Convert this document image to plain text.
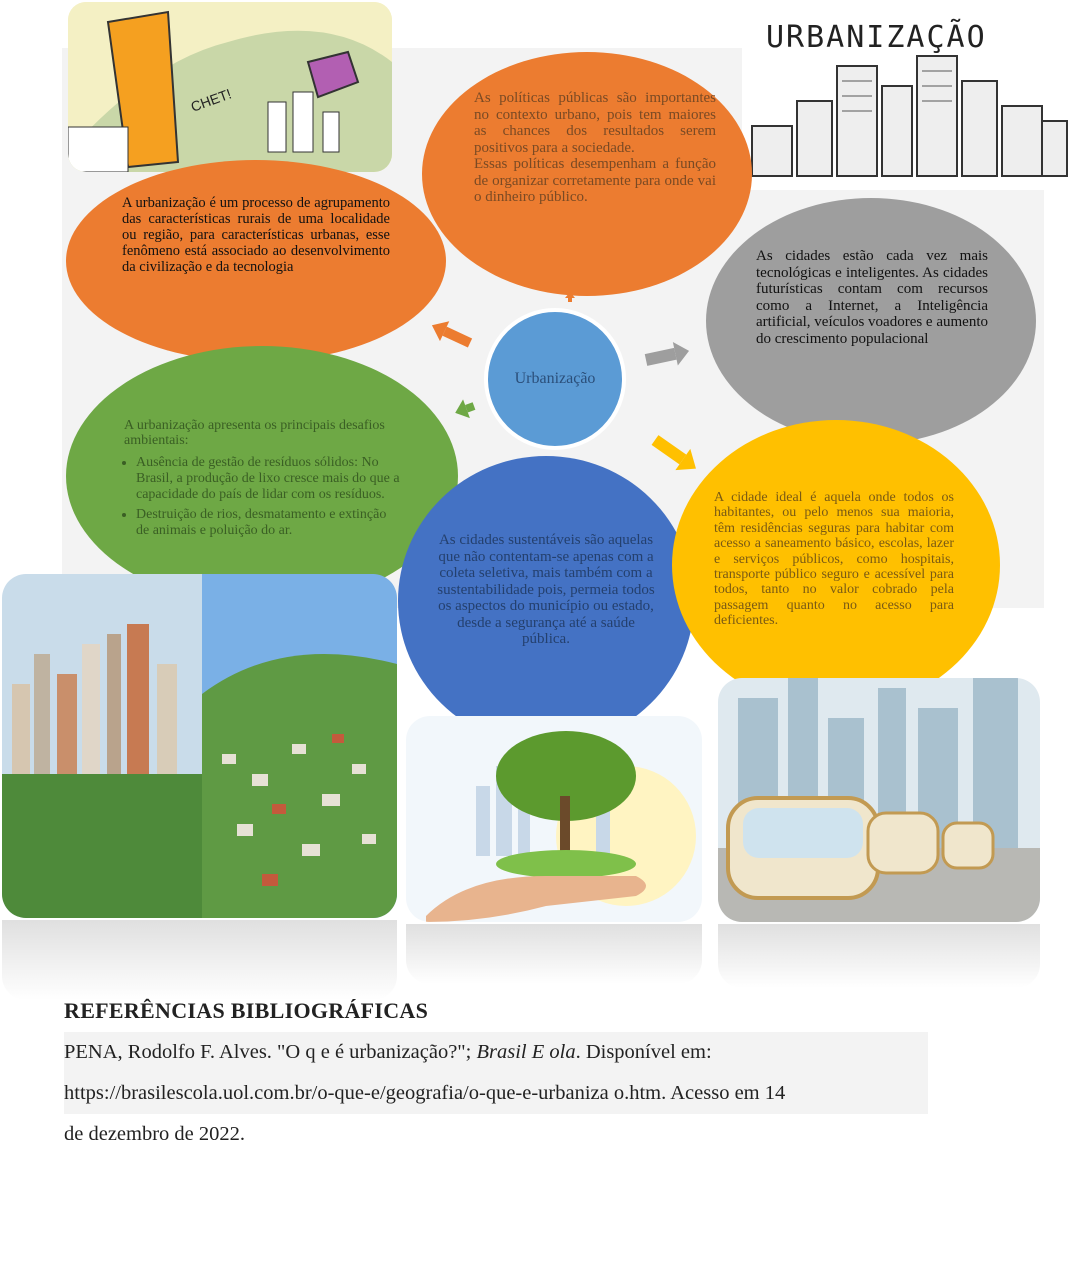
CHET!
URBANIZAÇÃO

As políticas públicas são importantes no contexto urbano, pois tem maiores as chances dos resultados serem positivos para a sociedade.

Essas políticas desempenham a função de organizar corretamente para onde vai o dinheiro público.

A urbanização é um processo de agrupamento das características rurais de uma localidade ou região, para características urbanas, esse fenômeno está associado ao desenvolvimento da civilização e da tecnologia

As cidades estão cada vez mais tecnológicas e inteligentes. As cidades futurísticas contam com recursos como a Internet, a Inteligência artificial, veículos voadores e aumento do crescimento populacional

A urbanização apresenta os principais desafios ambientais:

• Ausência de gestão de resíduos sólidos: No Brasil, a produção de lixo cresce mais do que a capacidade do país de lidar com os resíduos.
• Destruição de rios, desmatamento e extinção de animais e poluição do ar.

As cidades sustentáveis são aquelas que não contentam-se apenas com a coleta seletiva, mais também com a sustentabilidade pois, permeia todos os aspectos do município ou estado, desde a segurança até a saúde pública.

A cidade ideal é aquela onde todos os habitantes, ou pelo menos sua maioria, têm residências seguras para habitar com acesso a saneamento básico, escolas, lazer e serviços públicos, como hospitais, transporte público seguro e acessível para todos, tanto no valor cobrado pela passagem quanto no acesso para deficientes.

Urbanização
REFERÊNCIAS BIBLIOGRÁFICAS

PENA, Rodolfo F. Alves. "O q e é urbanização?"; Brasil E ola. Disponível em:

https://brasilescola.uol.com.br/o-que-e/geografia/o-que-e-urbaniza o.htm. Acesso em 14

de dezembro de 2022.
